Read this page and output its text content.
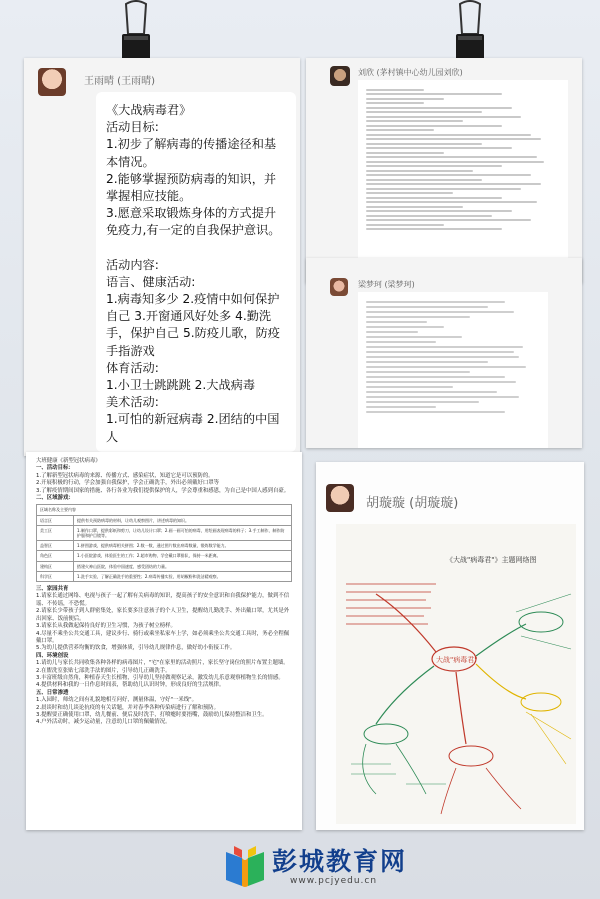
王雨晴 (王雨晴)
《大战病毒君》
活动目标:
1.初步了解病毒的传播途径和基本情况。
2.能够掌握预防病毒的知识，并掌握相应技能。
3.愿意采取锻炼身体的方式提升免疫力,有一定的自我保护意识。
活动内容:
语言、健康活动:
1.病毒知多少 2.疫情中如何保护自己 3.开窗通风好处多 4.勤洗手，保护自己 5.防疫儿歌，防疫手指游戏
体育活动:
1.小卫士跳跳跳 2.大战病毒
美术活动:
1.可怕的新冠病毒 2.团结的中国人
刘欣 (茅村镇中心幼儿园刘欣)
梁梦珂 (梁梦珂)
大班健康《新型冠状病毒》
一、活动目标：
1.了解新型冠状病毒的来源、传播方式、感染症状，知道它是可以预防的。
2.开展积极的行动，学会加强自我保护，学会正确洗手，外出必须戴好口罩等
3.了解疫情期间国家的措施、各行各业为我们提供保护的人，学会尊重和感恩，为自己是中国人感到自豪。
二、区域游戏：
区域名称及主要内容	
语言区	提供有关预防病毒的材料，让幼儿观察图片，讲述病毒的知识。
美工区	1.制作口罩，提供彩纸和剪刀，让幼儿设计口罩；2.画一画可怕的病毒，用绘画表现病毒的样子；3.手工制作，制作防护服和护目镜等。
益智区	1.拼图游戏，提供病毒相关拼图；2.数一数，通过图片数出病毒数量，锻炼数学能力。
角色区	1.小医院游戏，体验医生的工作；2.超市购物，学会戴口罩排队，保持一米距离。
建构区	搭建火神山医院，体验中国速度，感受团结的力量。
科学区	1.洗手实验，了解正确洗手的重要性；2.病毒传播实验，用胡椒粉和洗洁精观察。
三、家园共育
1.请家长通过网络、电视与孩子一起了解有关病毒的知识，提高孩子的安全意识和自我保护能力，做到不信谣、不传谣，不恐慌。
2.请家长少带孩子到人群密集处，家长要多注意孩子的个人卫生，提醒幼儿勤洗手、外出戴口罩，尤其是外出回家、饭前便后。
3.请家长从我做起保持良好的卫生习惯，为孩子树立榜样。
4.尽量不乘坐公共交通工具，建议步行、骑行或乘坐私家车上学，如必须乘坐公共交通工具时，务必全程佩戴口罩。
5.为幼儿提供营养均衡的饮食，增强体质，引导幼儿规律作息，做好幼小衔接工作。
四、环境创设
1.请幼儿与家长共同收集各种各样的病毒图片，"宅"在家里的活动照片，家长坚守岗位的照片布置主题墙。
2.在盥洗室张贴七部洗手法的图片，引导幼儿正确洗手。
3.丰富班级自然角，种植春天生长植物，引导幼儿坚持做观察记录，激发幼儿乐意观察植物生长的情感。
4.提供材料和我的一日作息时间表，帮助幼儿认识时钟，形成良好的生活规律。
五、日常渗透
1.入园时，师幼之间有礼貌地相互问好，测量体温，守好"一米线"。
2.晨谈时和幼儿谈论抗疫的有关话题，并对春季各种传染病进行了解和预防。
3.提醒要正确使用口罩，幼儿餐前、便后及时洗手，打喷嚏时要捂嘴，鼓励幼儿保持整洁和卫生。
4.户外活动时，减少运动量，注意幼儿口罩的佩戴情况。
胡璇璇 (胡璇璇)
《大战"病毒君"》主题网络图
大战"病毒君"
彭城教育网
www.pcjyedu.cn
